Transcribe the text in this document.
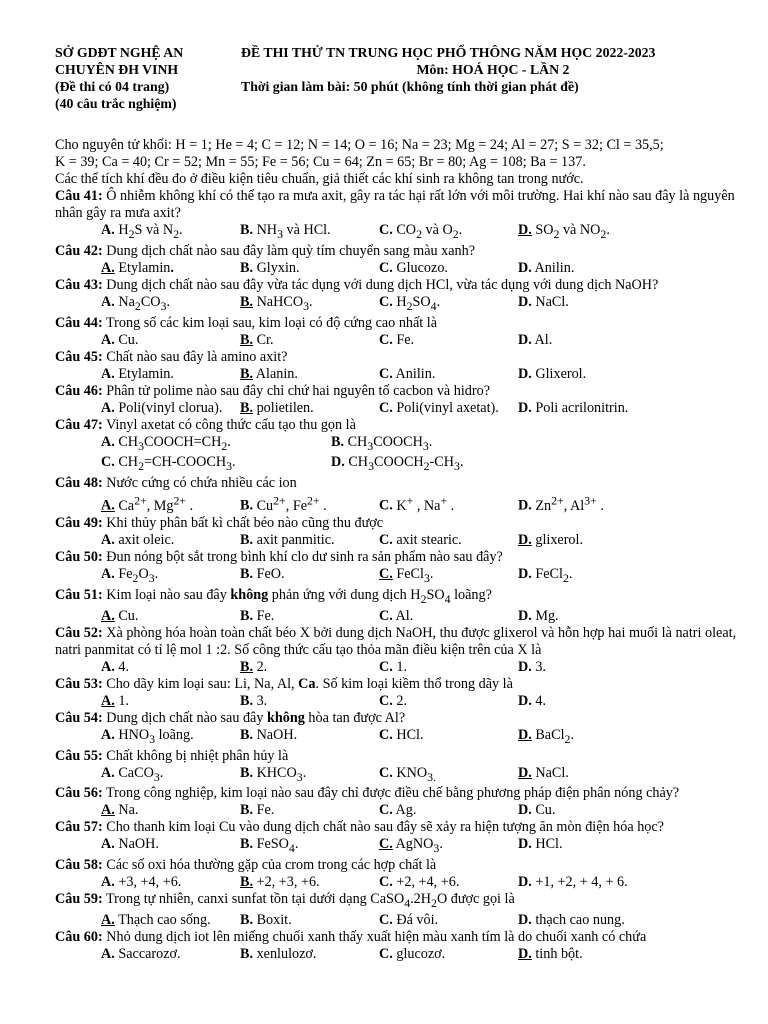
SỞ GDĐT NGHỆ AN
CHUYÊN ĐH VINH
(Đề thi có 04 trang)
(40 câu trắc nghiệm)
ĐỀ THI THỬ TN TRUNG HỌC PHỔ THÔNG NĂM HỌC 2022-2023
Môn: HOÁ HỌC - LẦN 2
Thời gian làm bài: 50 phút (không tính thời gian phát đề)

Cho nguyên tử khối: H = 1; He = 4; C = 12; N = 14; O = 16; Na = 23; Mg = 24; Al = 27; S = 32; Cl = 35,5;

K = 39; Ca = 40; Cr = 52; Mn = 55; Fe = 56; Cu = 64; Zn = 65; Br = 80; Ag = 108; Ba = 137.

Các thể tích khí đều đo ở điều kiện tiêu chuẩn, giả thiết các khí sinh ra không tan trong nước.

Câu 41: Ô nhiễm không khí có thể tạo ra mưa axit, gây ra tác hại rất lớn với môi trường. Hai khí nào sau đây là nguyên nhân gây ra mưa axit?

A. $H_2S$ và $N_2$.	B. $NH_3$ và HCl.	C. $CO_2$ và $O_2$.	D. $SO_2$ và $NO_2$.

Câu 42: Dung dịch chất nào sau đây làm quỳ tím chuyển sang màu xanh?

A. Etylamin.	B. Glyxin.	C. Glucozo.	D. Anilin.

Câu 43: Dung dịch chất nào sau đây vừa tác dụng với dung dịch HCl, vừa tác dụng với dung dịch NaOH?

A. $Na_2CO_3$.	B. NaHCO$_3$.	C. $H_2SO_4$.	D. NaCl.

Câu 44: Trong số các kim loại sau, kim loại có độ cứng cao nhất là

A. Cu.	B. Cr.	C. Fe.	D. Al.

Câu 45: Chất nào sau đây là amino axit?

A. Etylamin.	B. Alanin.	C. Anilin.	D. Glixerol.

Câu 46: Phân tử polime nào sau đây chỉ chứ hai nguyên tố cacbon và hidro?

A. Poli(vinyl clorua).	B. polietilen.	C. Poli(vinyl axetat).	D. Poli acrilonitrin.

Câu 47: Vinyl axetat có công thức cấu tạo thu gọn là

A. $CH_3COOCH=CH_2$.	B. $CH_3COOCH_3$.
C. $CH_2=CH-COOCH_3$.	D. $CH_3COOCH_2-CH_3$.

Câu 48: Nước cứng có chứa nhiều các ion

A. $Ca^{2+}$, $Mg^{2+}$ .	B. $Cu^{2+}$, $Fe^{2+}$ .	C. K+ , Na+ .	D. $Zn^{2+}$, $Al^{3+}$ .

Câu 49: Khi thủy phân bất kì chất béo nào cũng thu được

A. axit oleic.	B. axit panmitic.	C. axit stearic.	D. glixerol.

Câu 50: Đun nóng bột sắt trong bình khí clo dư sinh ra sản phẩm nào sau đây?

A. $Fe_2O_3$.	B. FeO.	C. FeCl$_3$.	D. FeCl$_2$.

Câu 51: Kim loại nào sau đây không phản ứng với dung dịch $H_2SO_4$ loãng?

A. Cu.	B. Fe.	C. Al.	D. Mg.

Câu 52: Xà phòng hóa hoàn toàn chất béo X bởi dung dịch NaOH, thu được glixerol và hỗn hợp hai muối là natri oleat, natri panmitat có tỉ lệ mol 1 :2. Số công thức cấu tạo thỏa mãn điều kiện trên của X là

A. 4.	B. 2.	C. 1.	D. 3.

Câu 53: Cho dãy kim loại sau: Li, Na, Al, Ca. Số kim loại kiềm thổ trong dãy là

A. 1.	B. 3.	C. 2.	D. 4.

Câu 54: Dung dịch chất nào sau đây không hòa tan được Al?

A. $HNO_3$ loãng.	B. NaOH.	C. HCl.	D. BaCl$_2$.

Câu 55: Chất không bị nhiệt phân hủy là

A. CaCO$_3$.	B. $KHCO_3$.	C. $KNO_{3.}$	D. NaCl.

Câu 56: Trong công nghiệp, kim loại nào sau đây chỉ được điều chế bằng phương pháp điện phân nóng chảy?

A. Na.	B. Fe.	C. Ag.	D. Cu.

Câu 57: Cho thanh kim loại Cu vào dung dịch chất nào sau đây sẽ xảy ra hiện tượng ăn mòn điện hóa học?

A. NaOH.	B. FeSO$_4$.	C. AgNO$_3$.	D. HCl.

Câu 58: Các số oxi hóa thường gặp của crom trong các hợp chất là

A. +3, +4, +6.	B. +2, +3, +6.	C. +2, +4, +6.	D. +1, +2, + 4, + 6.

Câu 59: Trong tự nhiên, canxi sunfat tồn tại dưới dạng $CaSO_4.2H_2O$ được gọi là

A. Thạch cao sống.	B. Boxit.	C. Đá vôi.	D. thạch cao nung.

Câu 60: Nhỏ dung dịch iot lên miếng chuối xanh thấy xuất hiện màu xanh tím là do chuối xanh có chứa

A. Saccarozơ.	B. xenlulozơ.	C. glucozơ.	D. tinh bột.
